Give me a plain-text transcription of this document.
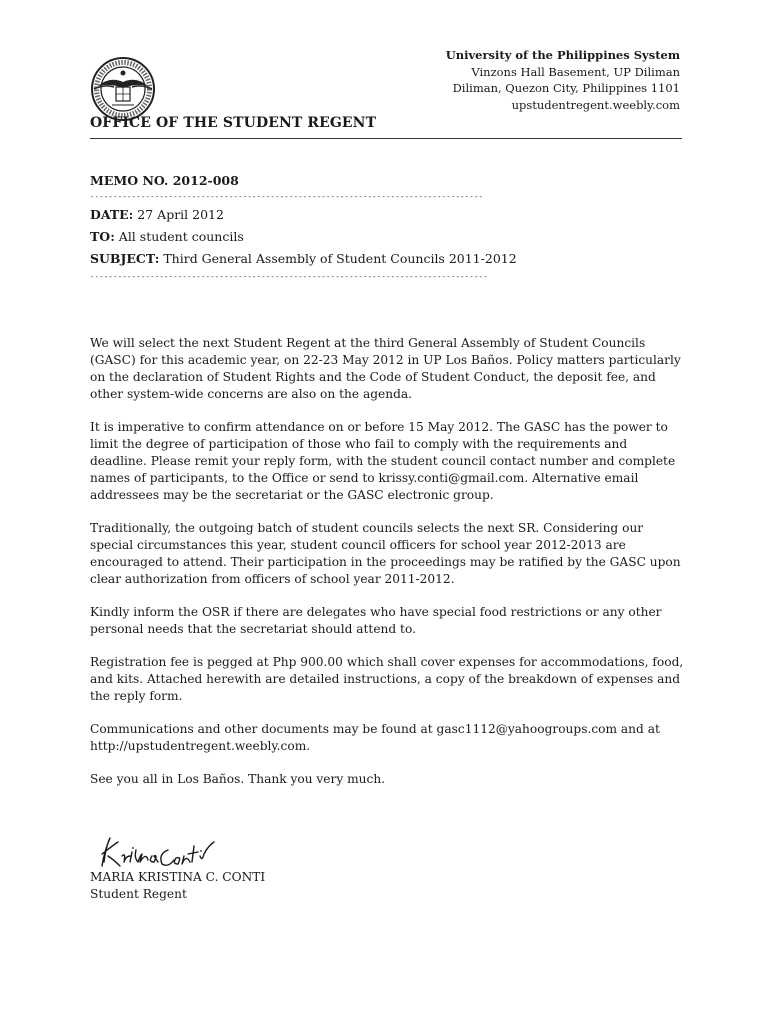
University of the Philippines System
Vinzons Hall Basement, UP Diliman
Diliman, Quezon City, Philippines 1101
upstudentregent.weebly.com
OFFICE OF THE STUDENT REGENT
MEMO NO. 2012-008
-------------------------------------------------------------------------------------
DATE: 27 April 2012
TO: All student councils
SUBJECT: Third General Assembly of Student Councils 2011-2012
--------------------------------------------------------------------------------------

We will select the next Student Regent at the third General Assembly of Student Councils (GASC) for this academic year, on 22-23 May 2012 in UP Los Baños. Policy matters particularly on the declaration of Student Rights and the Code of Student Conduct, the deposit fee, and other system-wide concerns are also on the agenda.

It is imperative to confirm attendance on or before 15 May 2012. The GASC has the power to limit the degree of participation of those who fail to comply with the requirements and deadline. Please remit your reply form, with the student council contact number and complete names of participants, to the Office or send to krissy.conti@gmail.com. Alternative email addressees may be the secretariat or the GASC electronic group.

Traditionally, the outgoing batch of student councils selects the next SR. Considering our special circumstances this year, student council officers for school year 2012-2013 are encouraged to attend. Their participation in the proceedings may be ratified by the GASC upon clear authorization from officers of school year 2011-2012.

Kindly inform the OSR if there are delegates who have special food restrictions or any other personal needs that the secretariat should attend to.

Registration fee is pegged at Php 900.00 which shall cover expenses for accommodations, food, and kits. Attached herewith are detailed instructions, a copy of the breakdown of expenses and the reply form.

Communications and other documents may be found at gasc1112@yahoogroups.com and at http://upstudentregent.weebly.com.

See you all in Los Baños. Thank you very much.

MARIA KRISTINA C. CONTI
Student Regent
